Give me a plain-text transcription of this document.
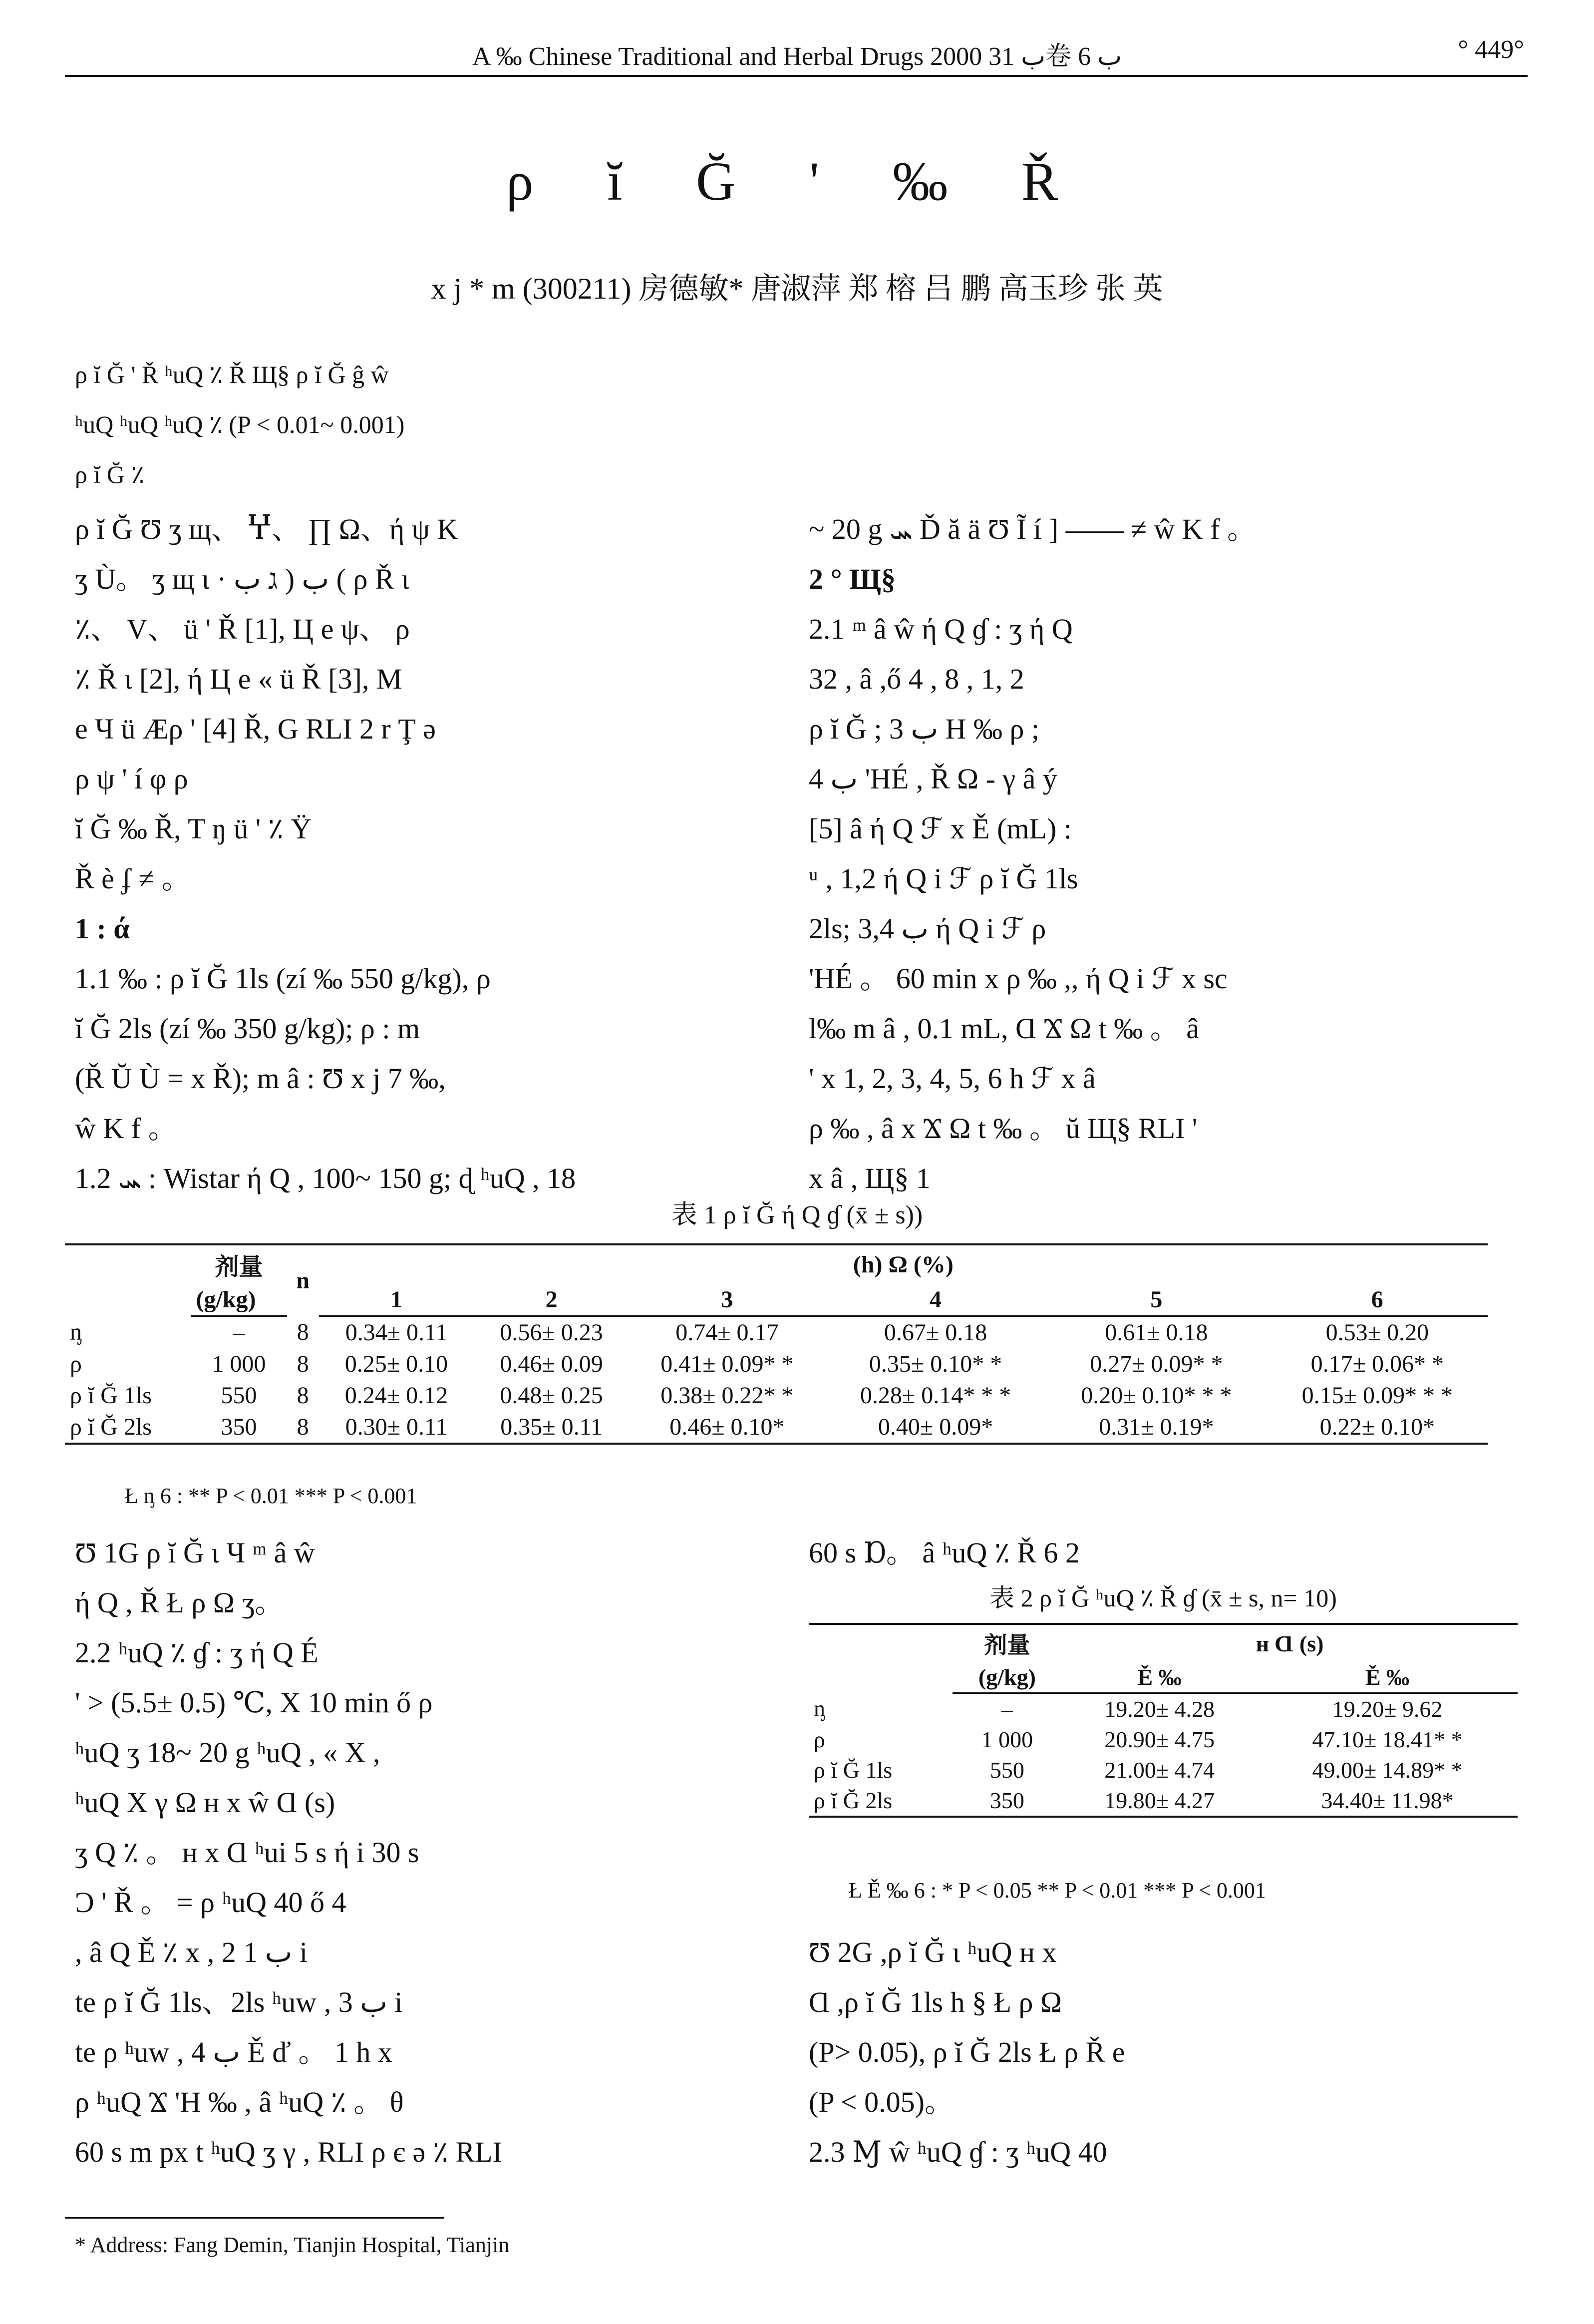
A ‰ Chinese Traditional and Herbal Drugs 2000 ب 31卷 ب 6	° 449°
ρ ĭ Ğ ' ‰ Ř
x j * m (300211) 房德敏* 唐淑萍 郑 榕 吕 鹏 高玉珍 张 英

ρ ĭ Ğ ' Ř ʰuQ ٪ Ř Щ§ ρ ĭ Ğ ĝ ŵ

ʰuQ ʰuQ ʰuQ ٪ (P < 0.01~ 0.001)

ρ ĭ Ğ ٪

ρ ĭ Ğ Ʊ ʒ щ、 Ⴤ、 ∏ Ω、ή ψ K

ʒ Ù。 ʒ щ ι · ب ( ג ب ( ρ Ř ι

٪、 V、 ü ' Ř [1], Ц e ψ、 ρ

٪ Ř ι [2], ή Ц e « ü Ř [3], M

e Ч ü Æρ ' [4] Ř, G RLI 2 r Ţ ə

ρ ψ ' í φ ρ

ĭ Ğ ‰ Ř, T ŋ ü ' ٪ Ÿ

Ř è ʄ ≠ 。

1 : ά

1.1 ‰ : ρ ĭ Ğ 1ls (zí ‰ 550 g/kg), ρ

ĭ Ğ 2ls (zí ‰ 350 g/kg); ρ : m

(Ř Ŭ Ù = x Ř); m â : Ʊ x j 7 ‰,

ŵ K f 。

1.2 ܚ : Wistar ή Q , 100~ 150 g; ɖ ʰuQ , 18

~ 20 g ܚ Ď ă ä Ʊ Ĩ í ] —— ≠ ŵ K f 。

2 ° Щ§

2.1 ᵐ â ŵ ή Q ɠ : ʒ ή Q

32 , â ,ő 4 , 8 , 1, 2

ρ ĭ Ğ ; 3 ب H ‰ ρ ;

ب 4 'HÉ , Ř Ω - γ â ý

[5] â ή Q ℱ x Ě (mL) :

ᵘ , 1,2 ή Q i ℱ ρ ĭ Ğ 1ls

2ls; ب 3,4 ή Q i ℱ ρ

'HÉ 。 60 min x ρ ‰ ,, ή Q i ℱ x sc

l‰ m â , 0.1 mL, Ɑ Ϫ Ω t ‰ 。 â

' x 1, 2, 3, 4, 5, 6 h ℱ x â

ρ ‰ , â x Ϫ Ω t ‰ 。 ŭ Щ§ RLI '

x â , Щ§ 1

表 1 ρ ĭ Ğ ή Q ɠ (x̄ ± s))
	剂量	n	(h) Ω (%)					
	(g/kg)		1	2	3	4	5	6
ᶇ	–	8	0.34± 0.11	0.56± 0.23	0.74± 0.17	0.67± 0.18	0.61± 0.18	0.53± 0.20
ρ	1 000	8	0.25± 0.10	0.46± 0.09	0.41± 0.09* *	0.35± 0.10* *	0.27± 0.09* *	0.17± 0.06* *
ρ ĭ Ğ 1ls	550	8	0.24± 0.12	0.48± 0.25	0.38± 0.22* *	0.28± 0.14* * *	0.20± 0.10* * *	0.15± 0.09* * *
ρ ĭ Ğ 2ls	350	8	0.30± 0.11	0.35± 0.11	0.46± 0.10*	0.40± 0.09*	0.31± 0.19*	0.22± 0.10*
Ł ᶇ 6 : ** P < 0.01 *** P < 0.001

Ʊ 1G ρ ĭ Ğ ι Ч ᵐ â ŵ

ή Q , Ř Ł ρ Ω ʒ。

2.2 ʰuQ ٪ ɠ : ʒ ή Q É

' > (5.5± 0.5) ℃, X 10 min ő ρ

ʰuQ ʒ 18~ 20 g ʰuQ , « X ,

ʰuQ X γ Ω ʜ x ŵ Ɑ (s)

ʒ Q ٪ 。 ʜ x Ɑ ʰui 5 s ή i 30 s

Ɔ ' Ř 。 = ρ ʰuQ 40 ő 4

, â Q Ě ٪ x , ب 1 2 i

te ρ ĭ Ğ 1ls、2ls ʰuw , ب 3 i

te ρ ʰuw , ب 4 Ě ď 。 1 h x

ρ ʰuQ Ϫ 'H ‰ , â ʰuQ ٪ 。 θ

60 s m px t ʰuQ ʒ γ , RLI ρ є ə ٪ RLI

60 s Ɒ。 â ʰuQ ٪ Ř 6 2

表 2 ρ ĭ Ğ ʰuQ ٪ Ř ɠ (x̄ ± s, n= 10)
	剂量	ʜ Ɑ (s)	
	(g/kg)	Ě ‰	Ě ‰
ᶇ	–	19.20± 4.28	19.20± 9.62
ρ	1 000	20.90± 4.75	47.10± 18.41* *
ρ ĭ Ğ 1ls	550	21.00± 4.74	49.00± 14.89* *
ρ ĭ Ğ 2ls	350	19.80± 4.27	34.40± 11.98*
Ł Ě ‰ 6 : * P < 0.05 ** P < 0.01 *** P < 0.001

Ʊ 2G ,ρ ĭ Ğ ι ʰuQ ʜ x

Ɑ ,ρ ĭ Ğ 1ls h § Ł ρ Ω

(P> 0.05), ρ ĭ Ğ 2ls Ł ρ Ř e

(P < 0.05)。

2.3 Ɱ ŵ ʰuQ ɠ : ʒ ʰuQ 40

* Address: Fang Demin, Tianjin Hospital, Tianjin
